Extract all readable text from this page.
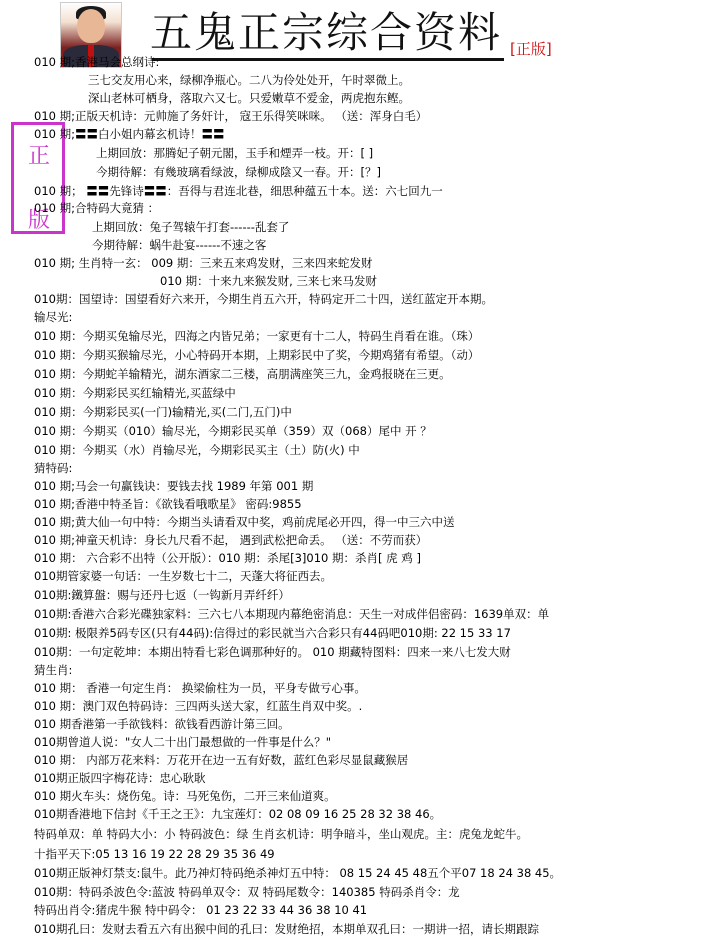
五鬼正宗综合资料 [正版]
正
版
010 期;香港马会总纲诗:
三七交友用心来，绿柳净瓶心。二八为伶处处开，午时翠微上。
深山老林可栖身，落取六又七。只爱嫩草不爱金，两虎抱东鲣。
010 期;正版天机诗：元帅施了务奸计， 寇王乐得笑咪咪。 （送：浑身白毛）
010 期;〓〓白小姐内幕玄机诗！〓〓
上期回放：那腾妃子朝元閣，玉手和煙弄一枝。开：[ ]
今期待解：有幾玻璃看绿波，绿柳成陰又一春。开：[？]
010 期； 〓〓先锋诗〓〓：吾得与君连北巷，细思种蕴五十本。送：六七回九一
010 期;合特码大竟猜 ：
上期回放：兔子驾辕午打套------乱套了
今期待解：蜗牛赴宴------不速之客
010 期; 生肖特一玄： 009 期：三来五来鸡发财，三来四来蛇发财
010 期：十来九来猴发财, 三来七来马发财
010期：国望诗：国望看好六来开，今期生肖五六开，特码定开二十四，送红蓝定开本期。
输尽光:
010 期：今期买兔输尽光，四海之内皆兄弟；一家更有十二人，特码生肖看在谁。（珠）
010 期：今期买猴输尽光，小心特码开本期，上期彩民中了奖，今期鸡猪有希望。（动）
010 期：今期蛇羊输精光，湖东酒家二三楼，高朋满座笑三九，金鸡报晓在三更。
010 期：今期彩民买红输精光,买蓝绿中
010 期：今期彩民买(一门)输精光,买(二门,五门)中
010 期：今期买（010）输尽光，今期彩民买单（359）双（068）尾中 开 ？
010 期：今期买（水）肖输尽光，今期彩民买主（土）防(火) 中
猜特码:
010 期;马会一句赢钱诀：要钱去找 1989 年第 001 期
010 期;香港中特圣旨：《欲钱看哦歌星》 密码:9855
010 期;黄大仙一句中特：今期当头请看双中奖，鸡前虎尾必开四，得一中三六中送
010 期;神童天机诗：身长九尺看不起， 遇到武松把命丢。 （送：不劳而获）
010 期： 六合彩不出特（公开版）：010 期：杀尾[3]010 期：杀肖[ 虎 鸡 ]
010期管家婆一句话：一生岁数七十二，天蓬大将征西去。
010期:鐵算盤：赐与还丹七返（一钩新月弄纤纤）
010期:香港六合彩光碟独家料：三六七八本期现内幕绝密消息：天生一对成伴侣密码：1639单双：单
010期: 极限养5码专区(只有44码):信得过的彩民就当六合彩只有44码吧010期: 22 15 33 17
010期：一句定乾坤：本期出特看七彩色调那种好的。 010 期藏特图料：四来一来八七发大财
猜生肖:
010 期： 香港一句定生肖： 换梁偷柱为一员，平身专做亏心事。
010 期：澳门双色特码诗：三四两头送大家，红蓝生肖双中奖。.
010 期香港第一手欲钱料：欲钱看西游计第三回。
010期曾道人说："女人二十出门最想做的一件事是什么？"
010 期： 内部万花来料：万花开在边一五有好数，蓝红色彩尽显鼠藏猴居
010期正版四字梅花诗：忠心耿耿
010 期火车头：烧伤兔。诗：马死兔伤，二开三来仙道爽。
010期香港地下信封《千王之王》：九宝莲灯：02 08 09 16 25 28 32 38 46。
特码单双：单 特码大小：小 特码波色：绿 生肖玄机诗：明争暗斗，坐山观虎。主：虎兔龙蛇牛。
十指平天下:05 13 16 19 22 28 29 35 36 49
010期正版神灯禁支:鼠牛。此乃神灯特码绝杀神灯五中特： 08 15 24 45 48五个平07 18 24 38 45。
010期：特码杀波色令:蓝波 特码单双令：双 特码尾数令：140385 特码杀肖令：龙
特码出肖令:猪虎牛猴 特中码令： 01 23 22 33 44 36 38 10 41
010期孔曰：发财去看五六有出猴中间的孔曰：发财绝招，本期单双孔曰：一期讲一招，请长期跟踪
